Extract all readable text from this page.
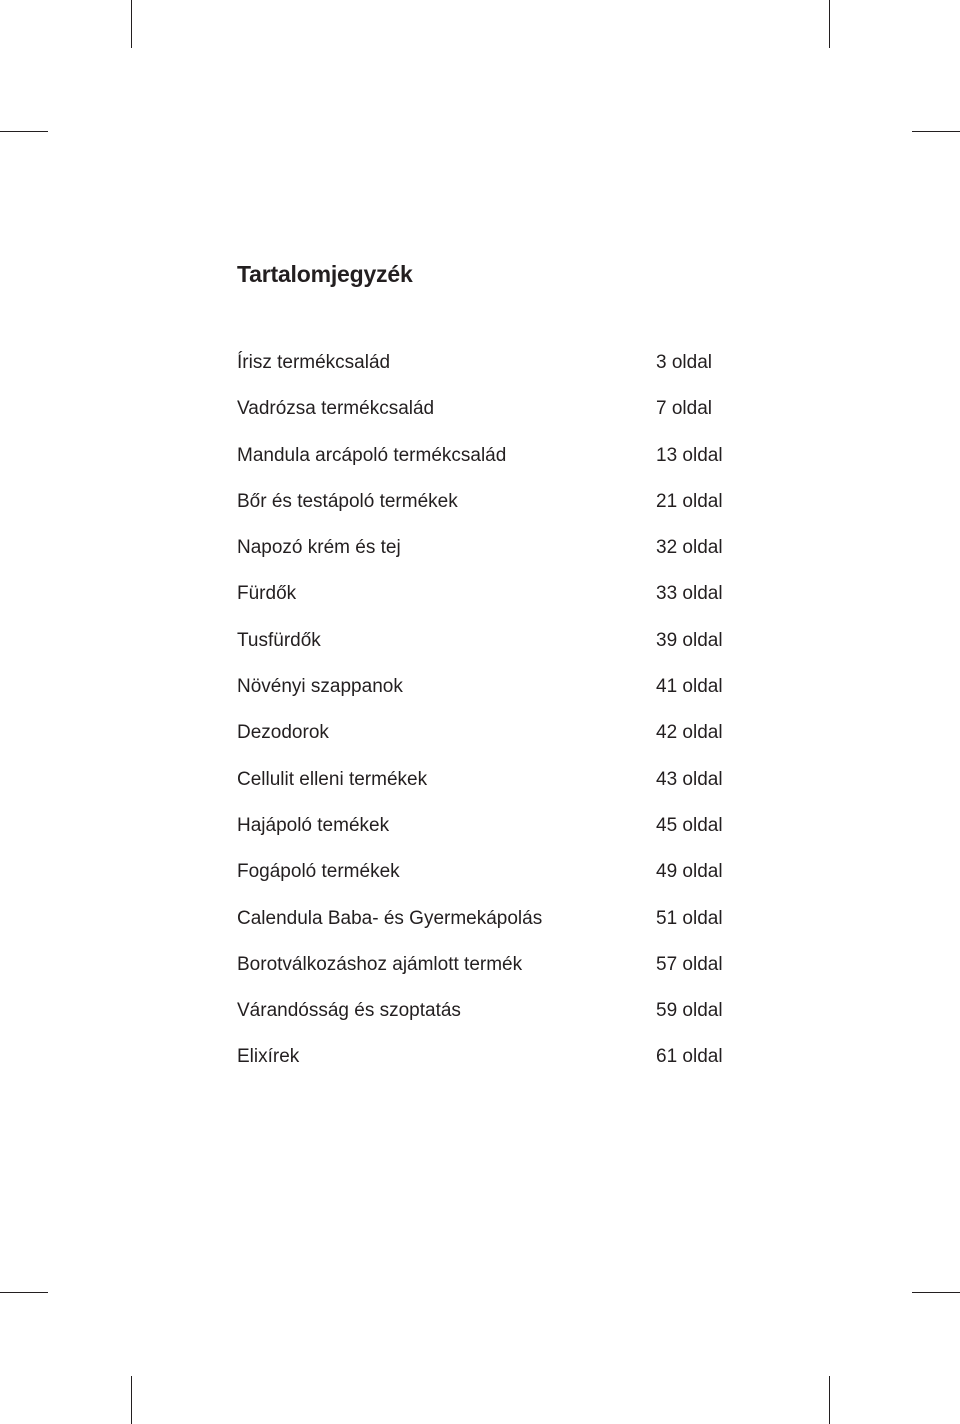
Tartalomjegyzék
Írisz termékcsalád	3 oldal
Vadrózsa termékcsalád	7 oldal
Mandula arcápoló termékcsalád	13 oldal
Bőr és testápoló termékek	21 oldal
Napozó krém és tej	32 oldal
Fürdők	33 oldal
Tusfürdők	39 oldal
Növényi szappanok	41 oldal
Dezodorok	42 oldal
Cellulit elleni termékek	43 oldal
Hajápoló temékek	45 oldal
Fogápoló termékek	49 oldal
Calendula Baba- és Gyermekápolás	51 oldal
Borotválkozáshoz ajámlott termék	57 oldal
Várandósság és szoptatás	59 oldal
Elixírek	61 oldal
